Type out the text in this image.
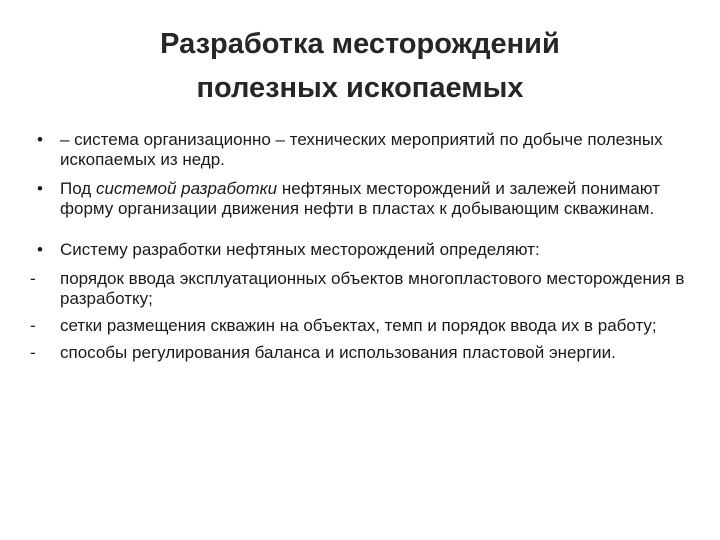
Разработка месторождений
полезных ископаемых
•	– система организационно – технических мероприятий по добыче полезных ископаемых из недр.
•	Под системой разработки нефтяных месторождений и залежей понимают форму организации движения нефти в пластах к добывающим скважинам.
•	Систему разработки нефтяных месторождений определяют:
-	порядок ввода эксплуатационных объектов многопластового месторождения в разработку;
-	сетки размещения скважин на объектах, темп и порядок ввода их в работу;
-	способы регулирования баланса и использования пластовой энергии.
